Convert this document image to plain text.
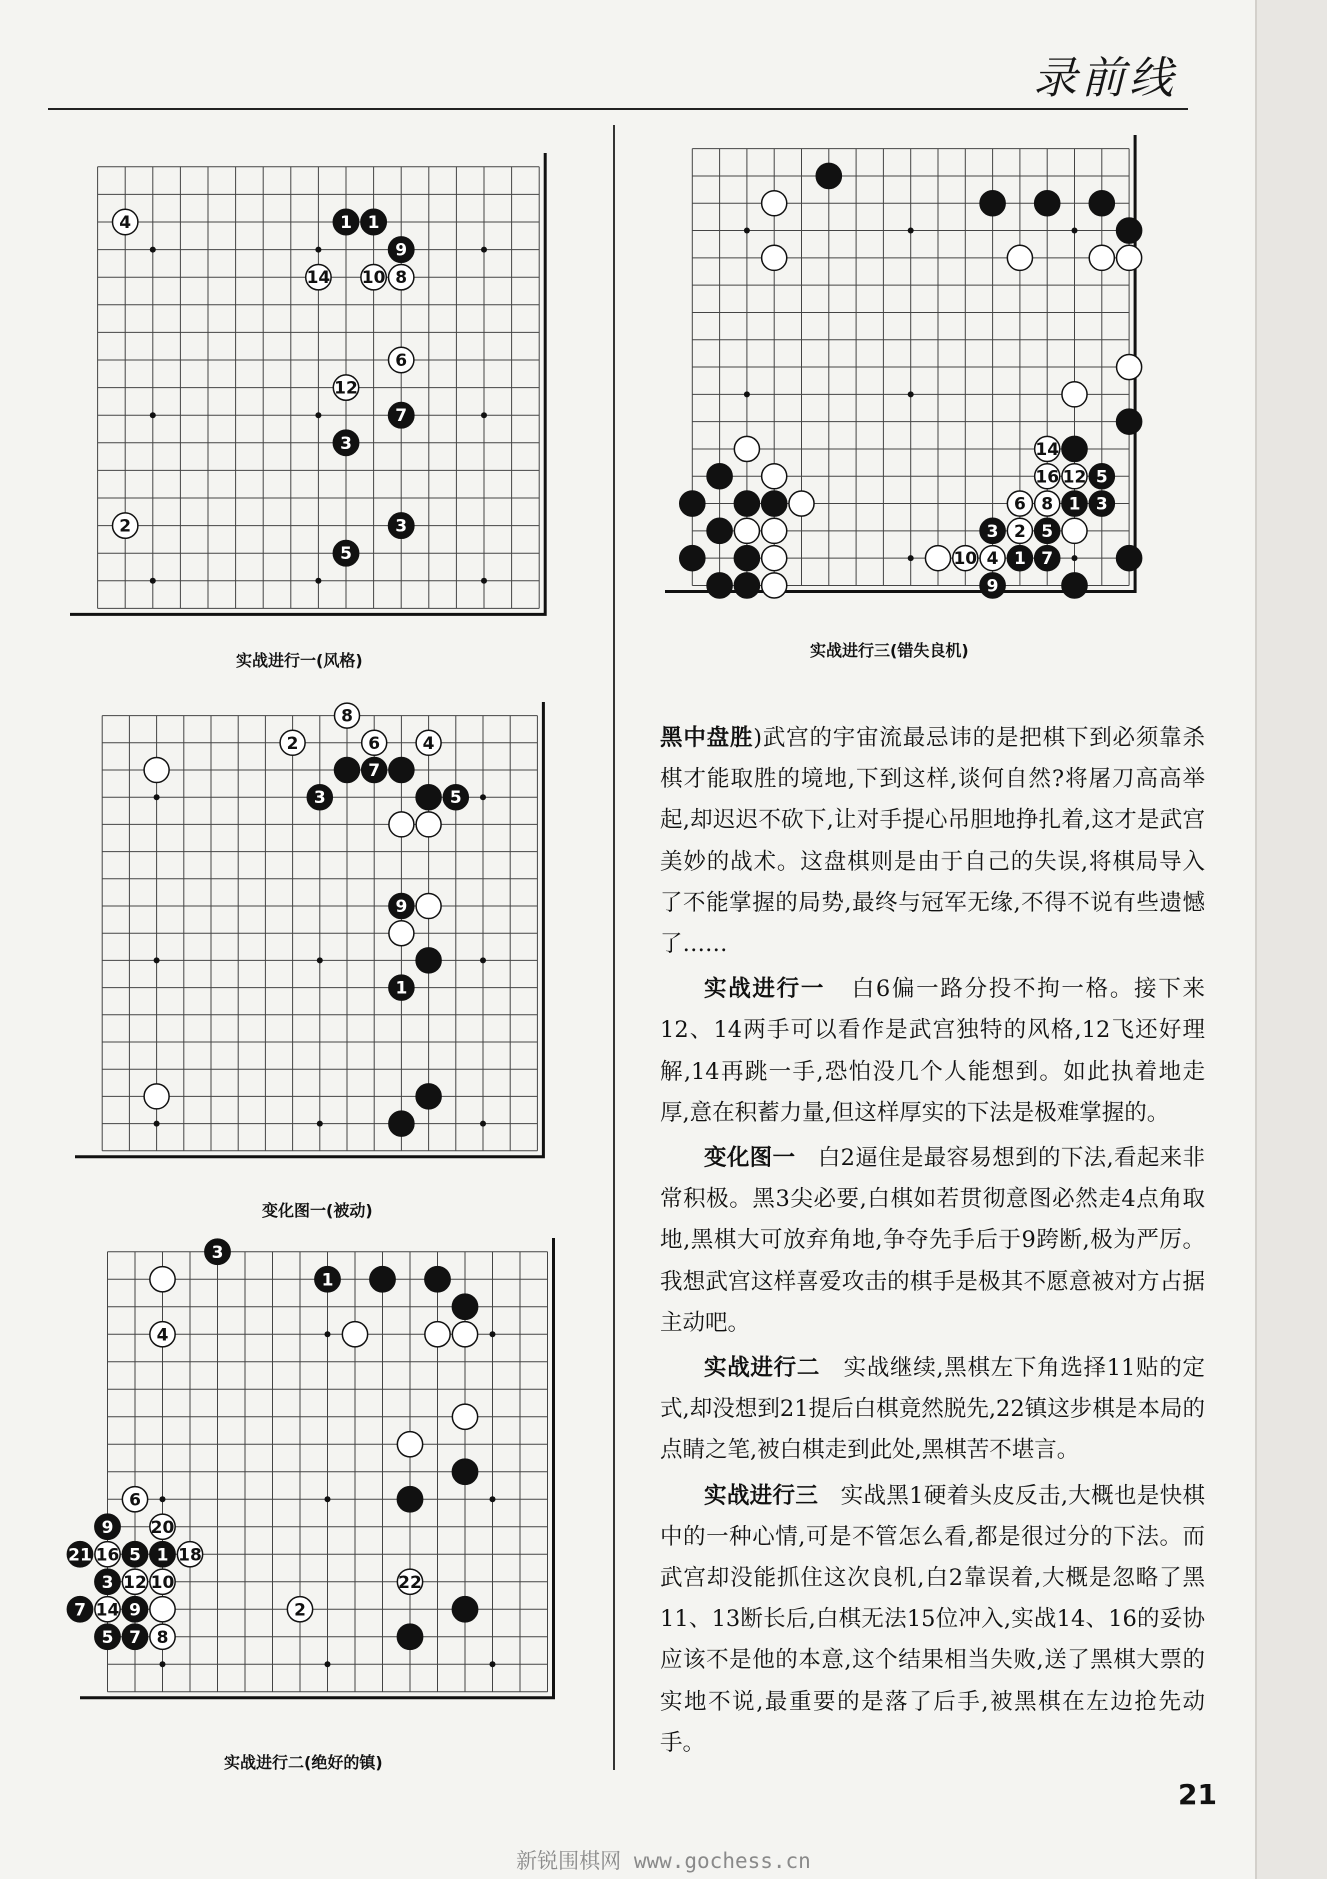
录前线
4	1 1
9
14 10 8
6
12
7
3
2	3
5
实战进行一(风格)
8
2	6	4
7
3	5
9
1
变化图一(被动)
3
1
4
6
9 20
21 16 5 1 18
3 12 10	22
7 14 9	2
5 7 8
实战进行二(绝好的镇)
14
16 12 5
6 8 1 3
3 2 5
10 4 1 7
9
实战进行三(错失良机)

黑中盘胜)武宫的宇宙流最忌讳的是把棋下到必须靠杀棋才能取胜的境地,下到这样,谈何自然?将屠刀高高举起,却迟迟不砍下,让对手提心吊胆地挣扎着,这才是武宫美妙的战术。这盘棋则是由于自己的失误,将棋局导入了不能掌握的局势,最终与冠军无缘,不得不说有些遗憾了……

实战进行一 白6偏一路分投不拘一格。接下来12、14两手可以看作是武宫独特的风格,12飞还好理解,14再跳一手,恐怕没几个人能想到。如此执着地走厚,意在积蓄力量,但这样厚实的下法是极难掌握的。

变化图一 白2逼住是最容易想到的下法,看起来非常积极。黑3尖必要,白棋如若贯彻意图必然走4点角取地,黑棋大可放弃角地,争夺先手后于9跨断,极为严厉。我想武宫这样喜爱攻击的棋手是极其不愿意被对方占据主动吧。

实战进行二 实战继续,黑棋左下角选择11贴的定式,却没想到21提后白棋竟然脱先,22镇这步棋是本局的点睛之笔,被白棋走到此处,黑棋苦不堪言。

实战进行三 实战黑1硬着头皮反击,大概也是快棋中的一种心情,可是不管怎么看,都是很过分的下法。而武宫却没能抓住这次良机,白2靠误着,大概是忽略了黑11、13断长后,白棋无法15位冲入,实战14、16的妥协应该不是他的本意,这个结果相当失败,送了黑棋大票的实地不说,最重要的是落了后手,被黑棋在左边抢先动手。

21
新锐围棋网 www.gochess.cn
